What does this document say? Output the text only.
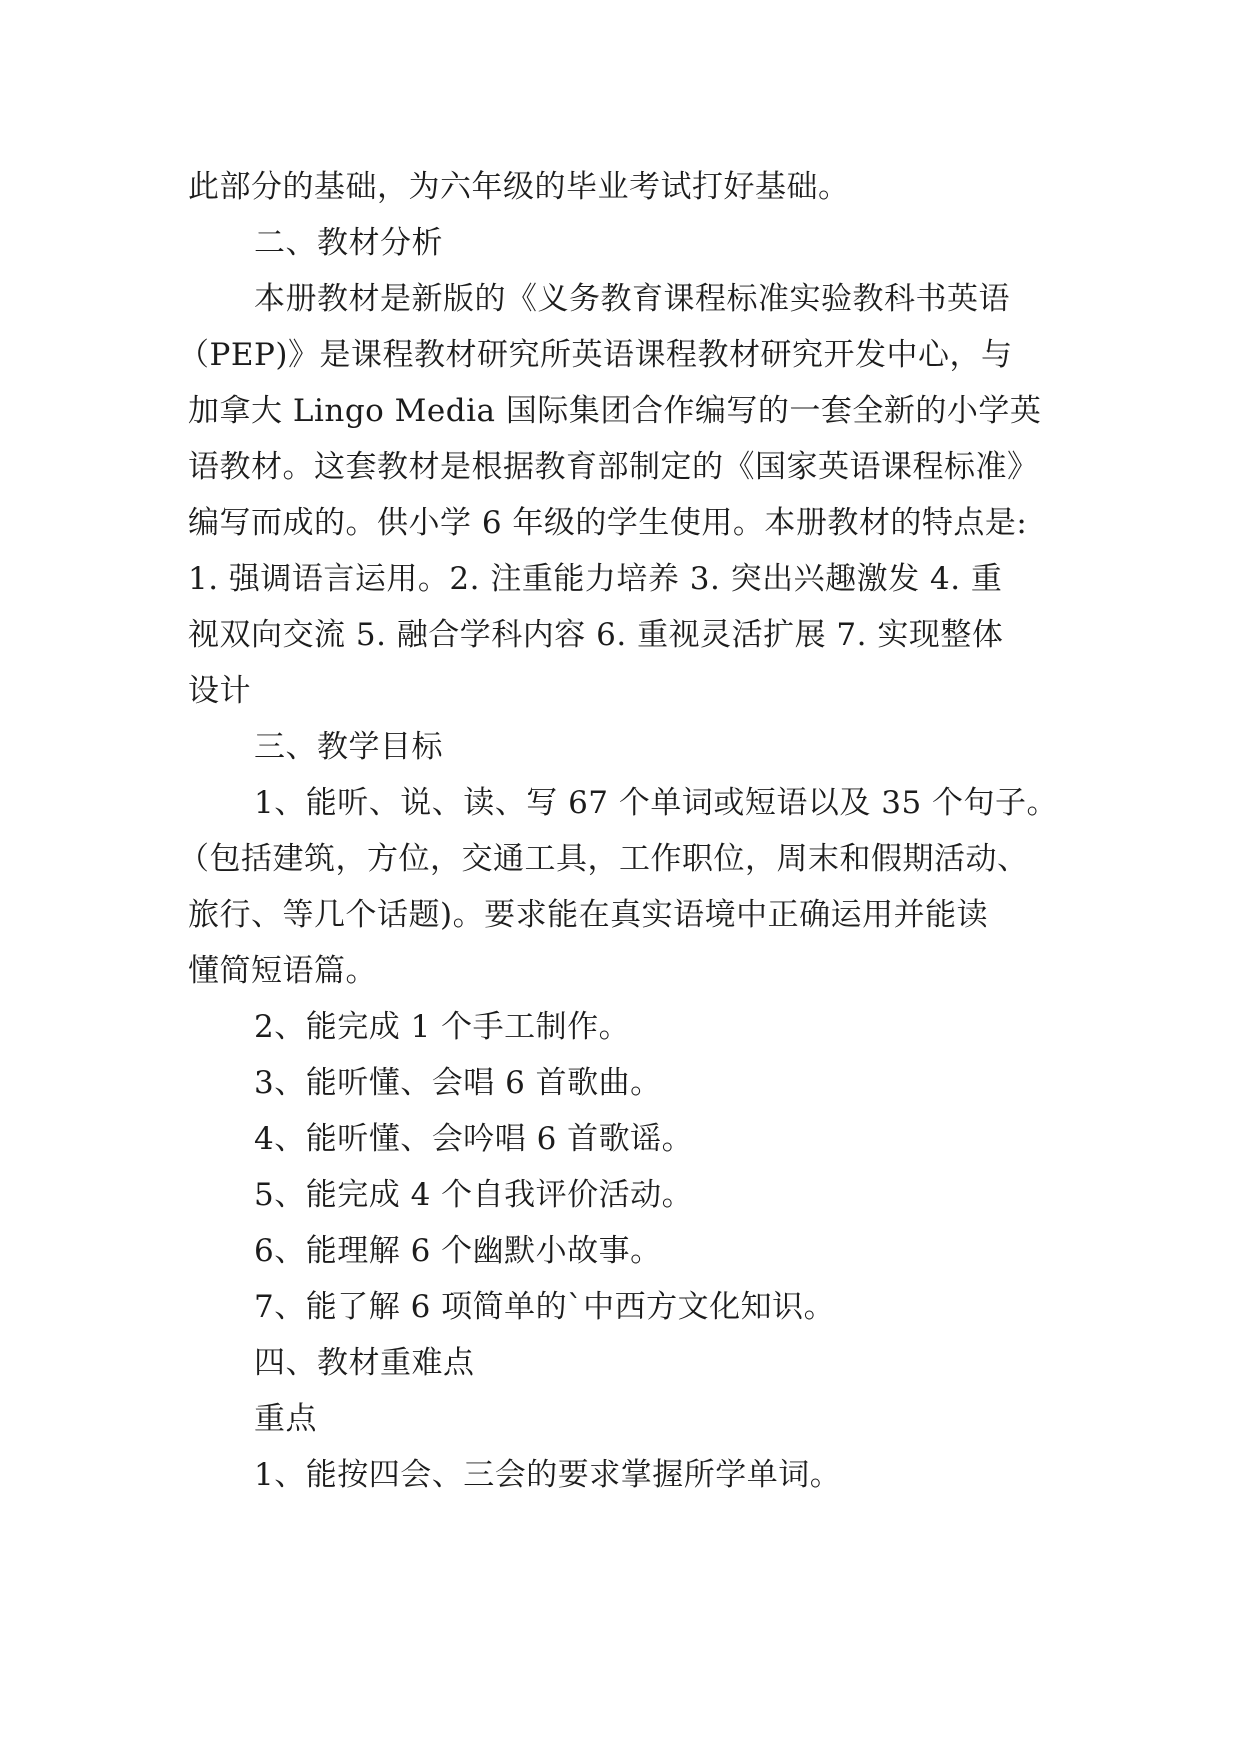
此部分的基础，为六年级的毕业考试打好基础。
二、教材分析
本册教材是新版的《义务教育课程标准实验教科书英语
（PEP)》是课程教材研究所英语课程教材研究开发中心，与
加拿大 Lingo Media 国际集团合作编写的一套全新的小学英
语教材。这套教材是根据教育部制定的《国家英语课程标准》
编写而成的。供小学 6 年级的学生使用。本册教材的特点是:
1. 强调语言运用。2. 注重能力培养 3. 突出兴趣激发 4. 重
视双向交流 5. 融合学科内容 6. 重视灵活扩展 7. 实现整体
设计
三、教学目标
1、能听、说、读、写 67 个单词或短语以及 35 个句子。
（包括建筑，方位，交通工具，工作职位，周末和假期活动、
旅行、等几个话题)。要求能在真实语境中正确运用并能读
懂简短语篇。
2、能完成 1 个手工制作。
3、能听懂、会唱 6 首歌曲。
4、能听懂、会吟唱 6 首歌谣。
5、能完成 4 个自我评价活动。
6、能理解 6 个幽默小故事。
7、能了解 6 项简单的`中西方文化知识。
四、教材重难点
重点
1、能按四会、三会的要求掌握所学单词。
